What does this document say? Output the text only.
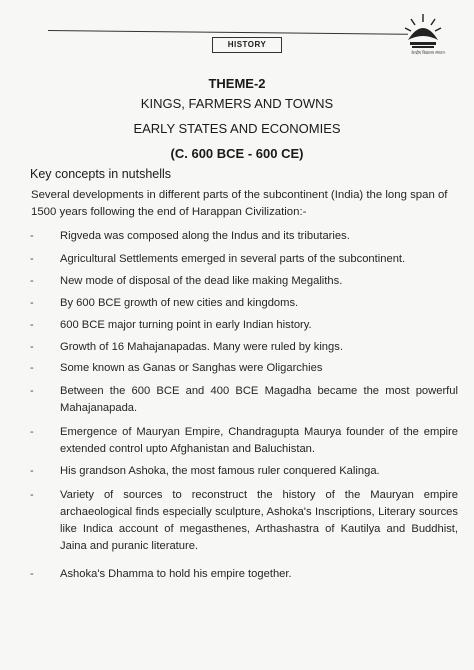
HISTORY
केन्द्रीय विद्यालय संगठन
THEME-2
KINGS, FARMERS AND TOWNS
EARLY STATES AND ECONOMIES
(C. 600 BCE - 600 CE)
Key concepts in nutshells
Several developments in different parts of the subcontinent (India) the long span of 1500 years following the end of Harappan Civilization:-
-	Rigveda was composed along the Indus and its tributaries.
-	Agricultural Settlements emerged in several parts of the subcontinent.
-	New mode of disposal of the dead like making Megaliths.
-	By 600 BCE growth of new cities and kingdoms.
-	600 BCE major turning point in early Indian history.
-	Growth of 16 Mahajanapadas. Many were ruled by kings.
-	Some known as Ganas or Sanghas were Oligarchies
-	Between the 600 BCE and 400 BCE Magadha became the most powerful Mahajanapada.
-	Emergence of Mauryan Empire, Chandragupta Maurya founder of the empire extended control upto Afghanistan and Baluchistan.
-	His grandson Ashoka, the most famous ruler conquered Kalinga.
-	Variety of sources to reconstruct the history of the Mauryan empire archaeological finds especially sculpture, Ashoka's Inscriptions, Literary sources like Indica account of megasthenes, Arthashastra of Kautilya and Buddhist, Jaina and puranic literature.
-	Ashoka's Dhamma to hold his empire together.
